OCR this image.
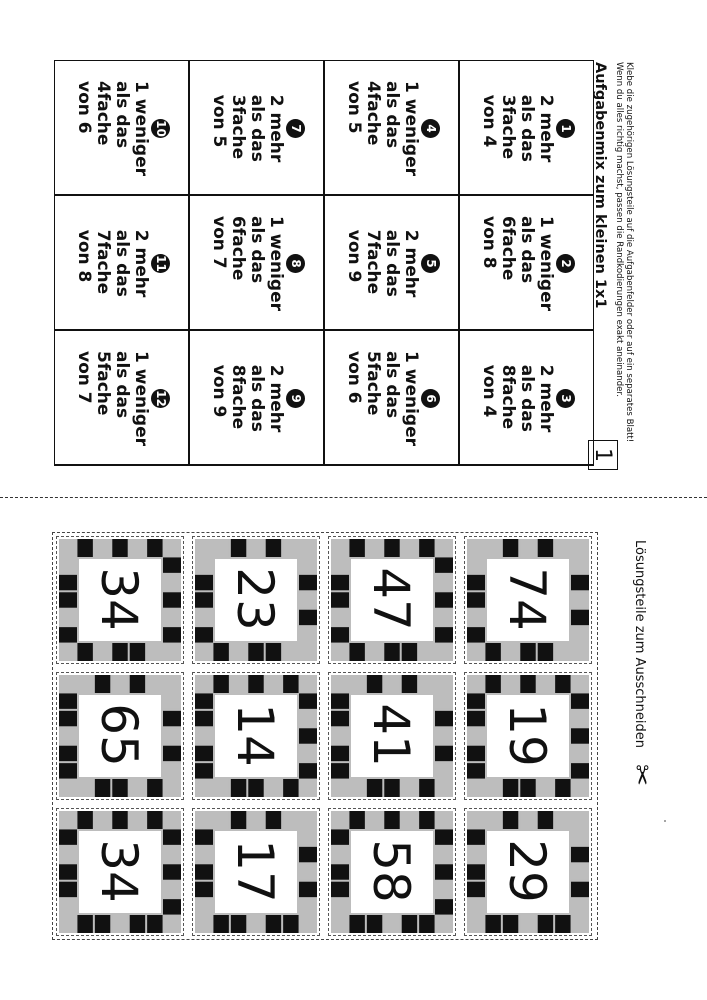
Aufgabenmix zum kleinen 1x1	Klebe die zugehörigen Lösungsteile auf die Aufgabenfelder oder auf ein separates Blatt! Wenn du alles richtig machst, passen die Randkodierungen exakt aneinander.
1
1
2 mehr
als das
3fache
von 4
2
1 weniger
als das
6fache
von 8
3
2 mehr
als das
8fache
von 4
4
1 weniger
als das
4fache
von 5
5
2 mehr
als das
7fache
von 9
6
1 weniger
als das
5fache
von 6
7
2 mehr
als das
3fache
von 5
8
1 weniger
als das
6fache
von 7
9
2 mehr
als das
8fache
von 9
10
1 weniger
als das
4fache
von 6
11
2 mehr
als das
7fache
von 8
12
1 weniger
als das
5fache
von 7
Lösungsteile zum Ausschneiden
✂
74
19
29
47
41
58
23
14
17
34
65
34
